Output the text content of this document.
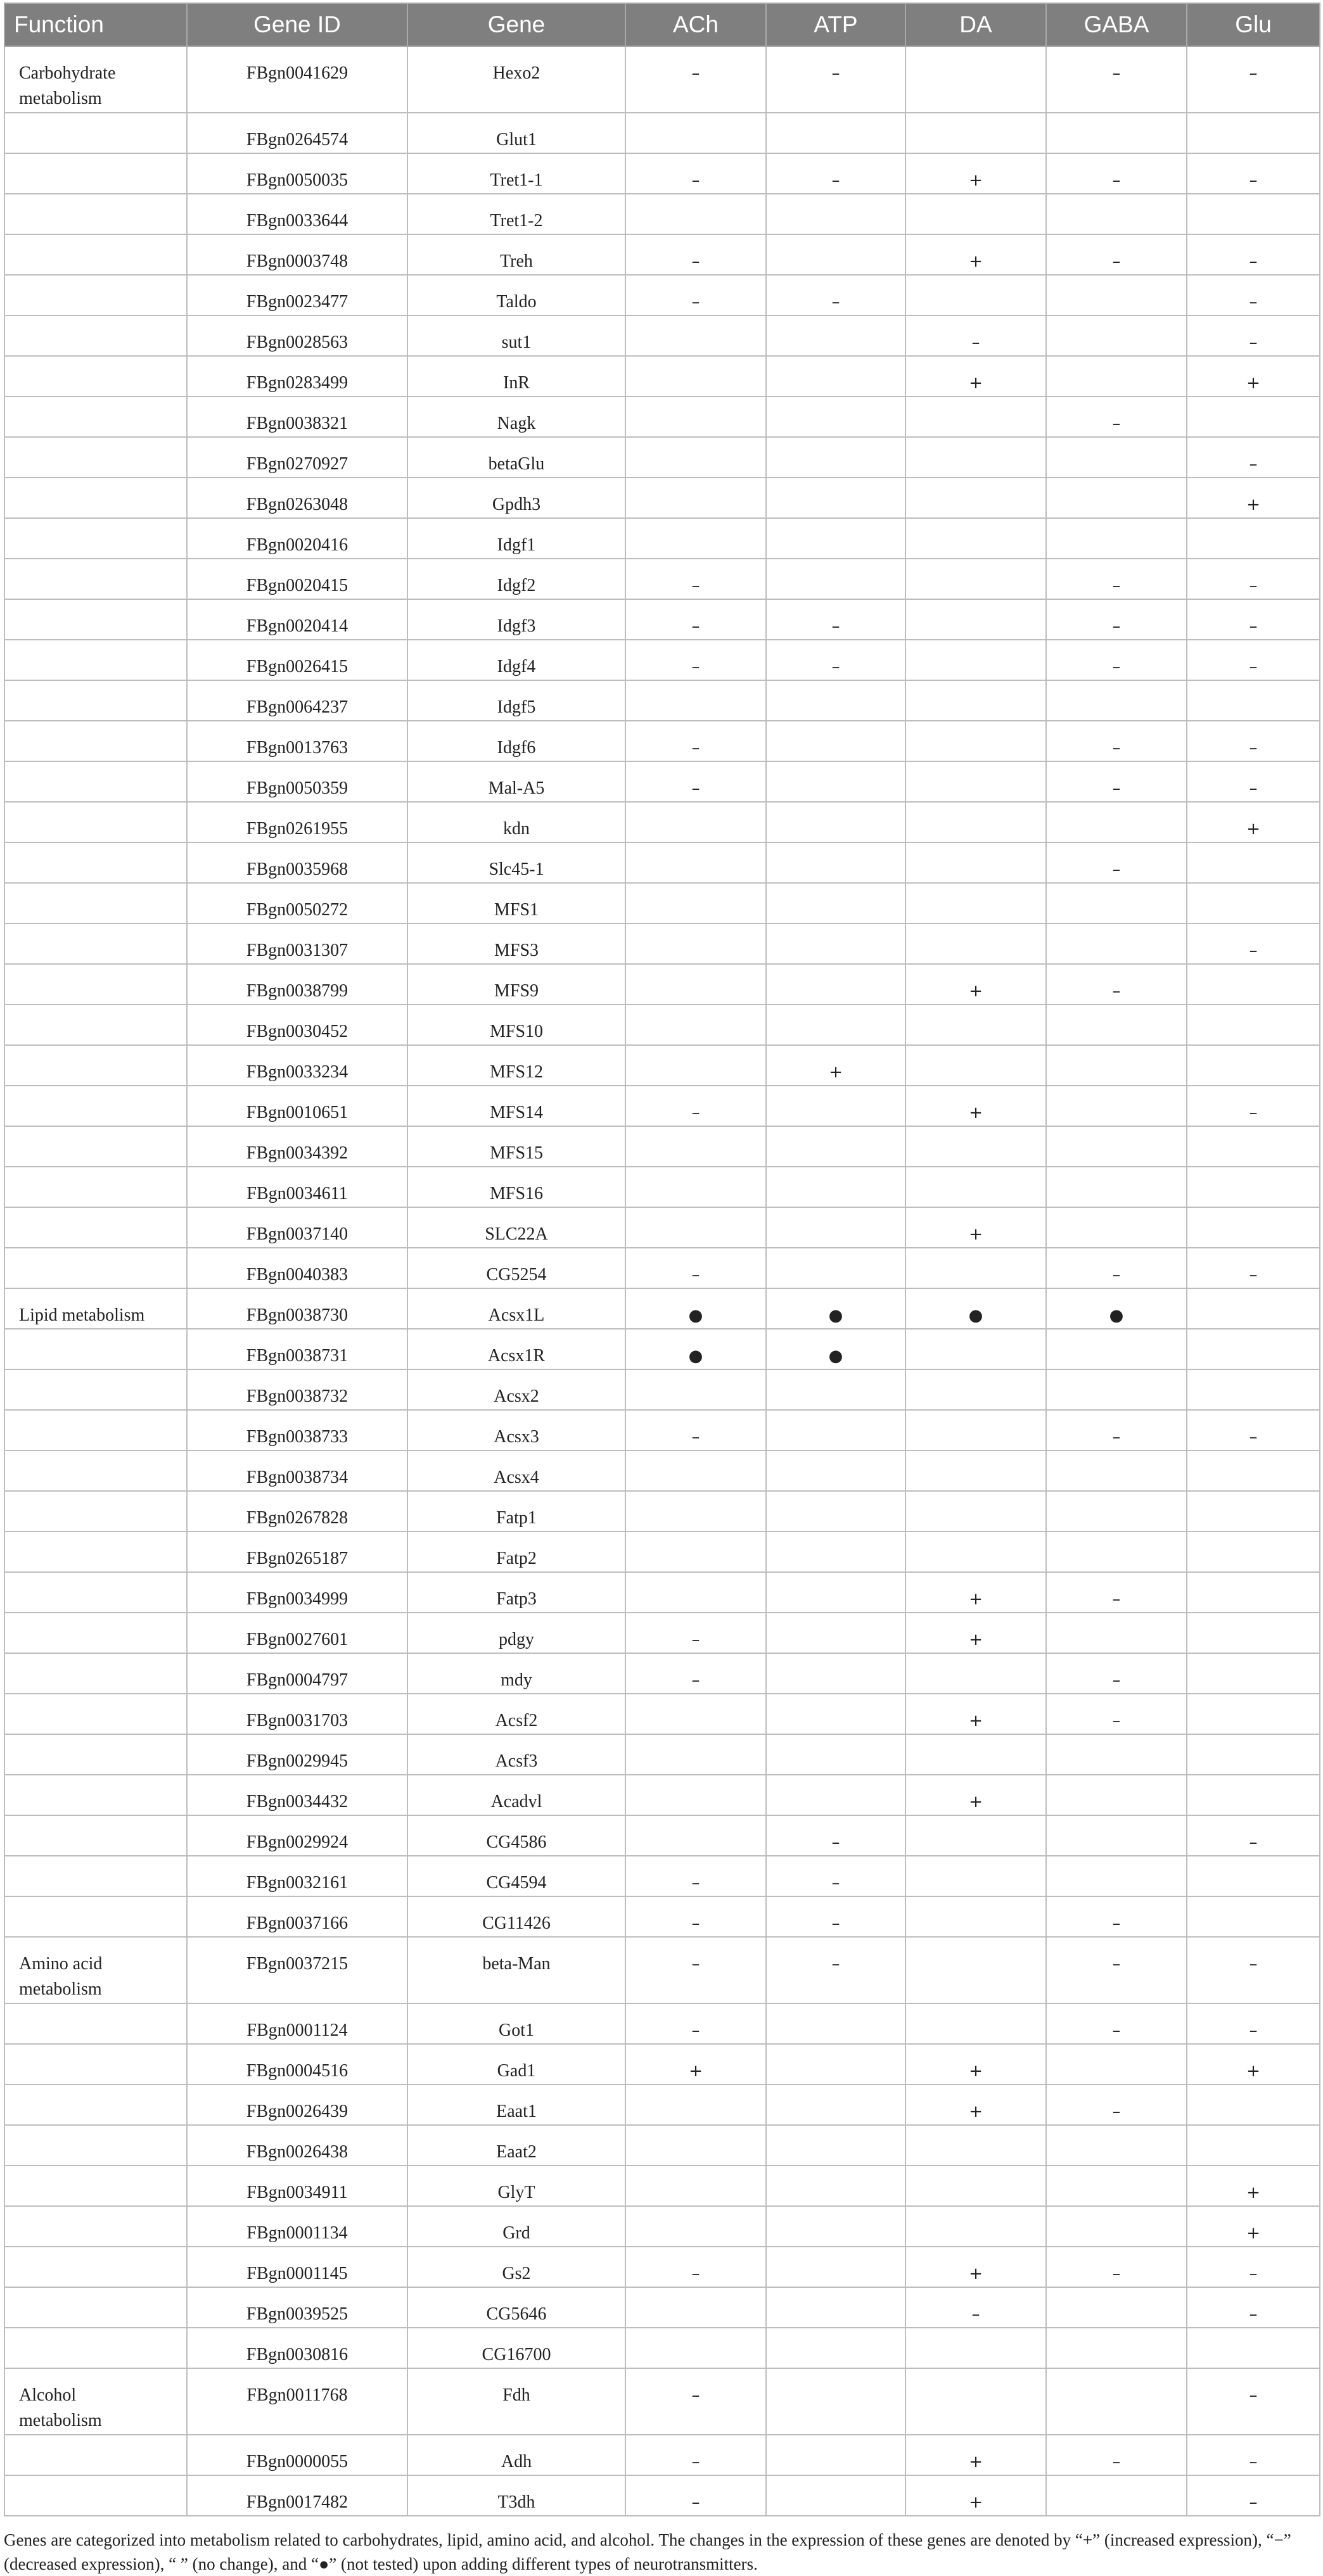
Function	Gene ID	Gene	ACh	ATP	DA	GABA	Glu

Carbohydrate
metabolism	FBgn0041629	Hexo2	–	–		–	–
	FBgn0264574	Glut1					
	FBgn0050035	Tret1-1	–	–	+	–	–
	FBgn0033644	Tret1-2					
	FBgn0003748	Treh	–		+	–	–
	FBgn0023477	Taldo	–	–			–
	FBgn0028563	sut1			–		–
	FBgn0283499	InR			+		+
	FBgn0038321	Nagk				–	
	FBgn0270927	betaGlu					–
	FBgn0263048	Gpdh3					+
	FBgn0020416	Idgf1					
	FBgn0020415	Idgf2	–			–	–
	FBgn0020414	Idgf3	–	–		–	–
	FBgn0026415	Idgf4	–	–		–	–
	FBgn0064237	Idgf5					
	FBgn0013763	Idgf6	–			–	–
	FBgn0050359	Mal-A5	–			–	–
	FBgn0261955	kdn					+
	FBgn0035968	Slc45-1				–	
	FBgn0050272	MFS1					
	FBgn0031307	MFS3					–
	FBgn0038799	MFS9			+	–	
	FBgn0030452	MFS10					
	FBgn0033234	MFS12		+			
	FBgn0010651	MFS14	–		+		–
	FBgn0034392	MFS15					
	FBgn0034611	MFS16					
	FBgn0037140	SLC22A			+		
	FBgn0040383	CG5254	–			–	–

Lipid metabolism	FBgn0038730	Acsx1L	●	●	●	●	
	FBgn0038731	Acsx1R	●	●			
	FBgn0038732	Acsx2					
	FBgn0038733	Acsx3	–			–	–
	FBgn0038734	Acsx4					
	FBgn0267828	Fatp1					
	FBgn0265187	Fatp2					
	FBgn0034999	Fatp3			+	–	
	FBgn0027601	pdgy	–		+		
	FBgn0004797	mdy	–			–	
	FBgn0031703	Acsf2			+	–	
	FBgn0029945	Acsf3					
	FBgn0034432	Acadvl			+		
	FBgn0029924	CG4586		–			–
	FBgn0032161	CG4594	–	–			
	FBgn0037166	CG11426	–	–		–	

Amino acid
metabolism	FBgn0037215	beta-Man	–	–		–	–
	FBgn0001124	Got1	–			–	–
	FBgn0004516	Gad1	+		+		+
	FBgn0026439	Eaat1			+	–	
	FBgn0026438	Eaat2					
	FBgn0034911	GlyT					+
	FBgn0001134	Grd					+
	FBgn0001145	Gs2	–		+	–	–
	FBgn0039525	CG5646			–		–
	FBgn0030816	CG16700					

Alcohol
metabolism	FBgn0011768	Fdh	–				–
	FBgn0000055	Adh	–		+	–	–
	FBgn0017482	T3dh	–		+		–
Genes are categorized into metabolism related to carbohydrates, lipid, amino acid, and alcohol. The changes in the expression of these genes are denoted by “+” (increased expression), “−” (decreased expression), “ ” (no change), and “●” (not tested) upon adding different types of neurotransmitters.
